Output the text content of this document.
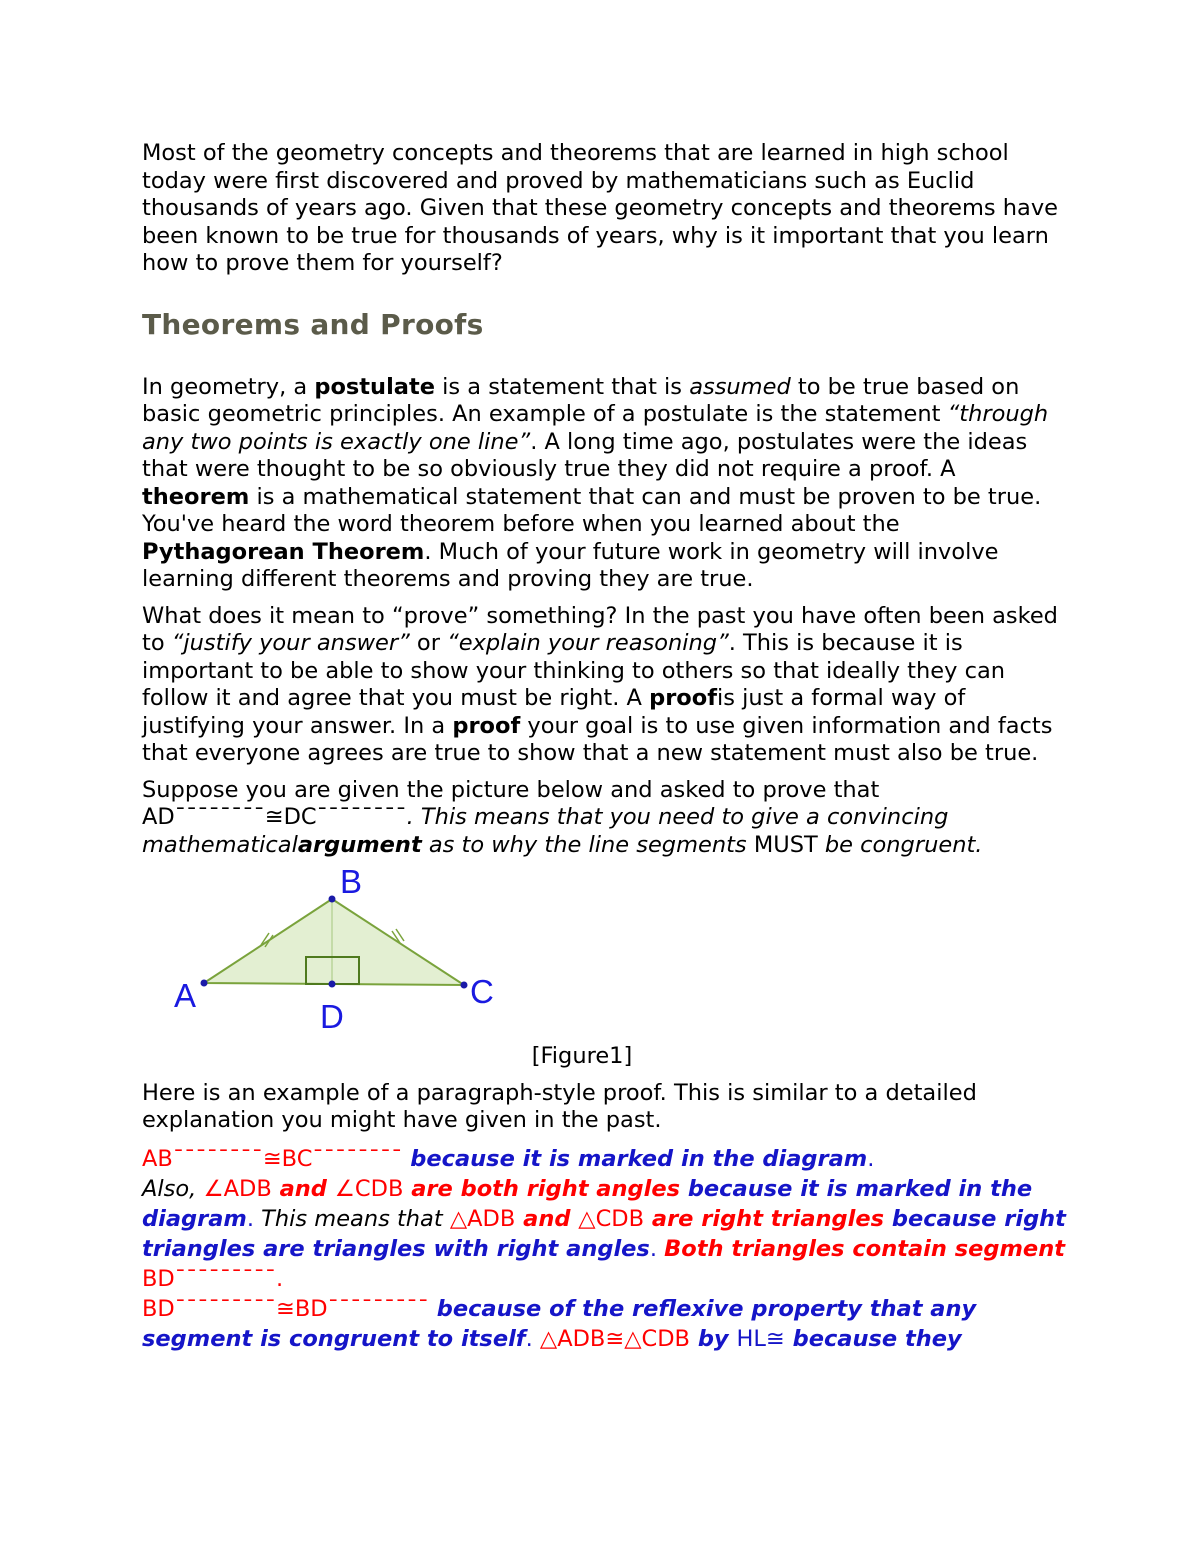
Most of the geometry concepts and theorems that are learned in high school today were first discovered and proved by mathematicians such as Euclid thousands of years ago. Given that these geometry concepts and theorems have been known to be true for thousands of years, why is it important that you learn how to prove them for yourself?

Theorems and Proofs

In geometry, a postulate is a statement that is assumed to be true based on basic geometric principles. An example of a postulate is the statement “through any two points is exactly one line”. A long time ago, postulates were the ideas that were thought to be so obviously true they did not require a proof. A theorem is a mathematical statement that can and must be proven to be true. You've heard the word theorem before when you learned about the Pythagorean Theorem. Much of your future work in geometry will involve learning different theorems and proving they are true.

What does it mean to “prove” something? In the past you have often been asked to “justify your answer” or “explain your reasoning”. This is because it is important to be able to show your thinking to others so that ideally they can follow it and agree that you must be right. A proofis just a formal way of justifying your answer. In a proof your goal is to use given information and facts that everyone agrees are true to show that a new statement must also be true.

Suppose you are given the picture below and asked to prove that AD¯¯¯¯¯¯¯¯≅DC¯¯¯¯¯¯¯¯. This means that you need to give a convincing mathematicalargument as to why the line segments MUST be congruent.

A
B
C
D

[Figure1]

Here is an example of a paragraph-style proof. This is similar to a detailed explanation you might have given in the past.

AB¯¯¯¯¯¯¯¯≅BC¯¯¯¯¯¯¯¯ because it is marked in the diagram.

Also, ∠ADB and ∠CDB are both right angles because it is marked in the diagram. This means that △ADB and △CDB are right triangles because right triangles are triangles with right angles. Both triangles contain segment BD¯¯¯¯¯¯¯¯¯.

BD¯¯¯¯¯¯¯¯¯≅BD¯¯¯¯¯¯¯¯¯ because of the reflexive property that any segment is congruent to itself. △ADB≅△CDB by HL≅ because they
